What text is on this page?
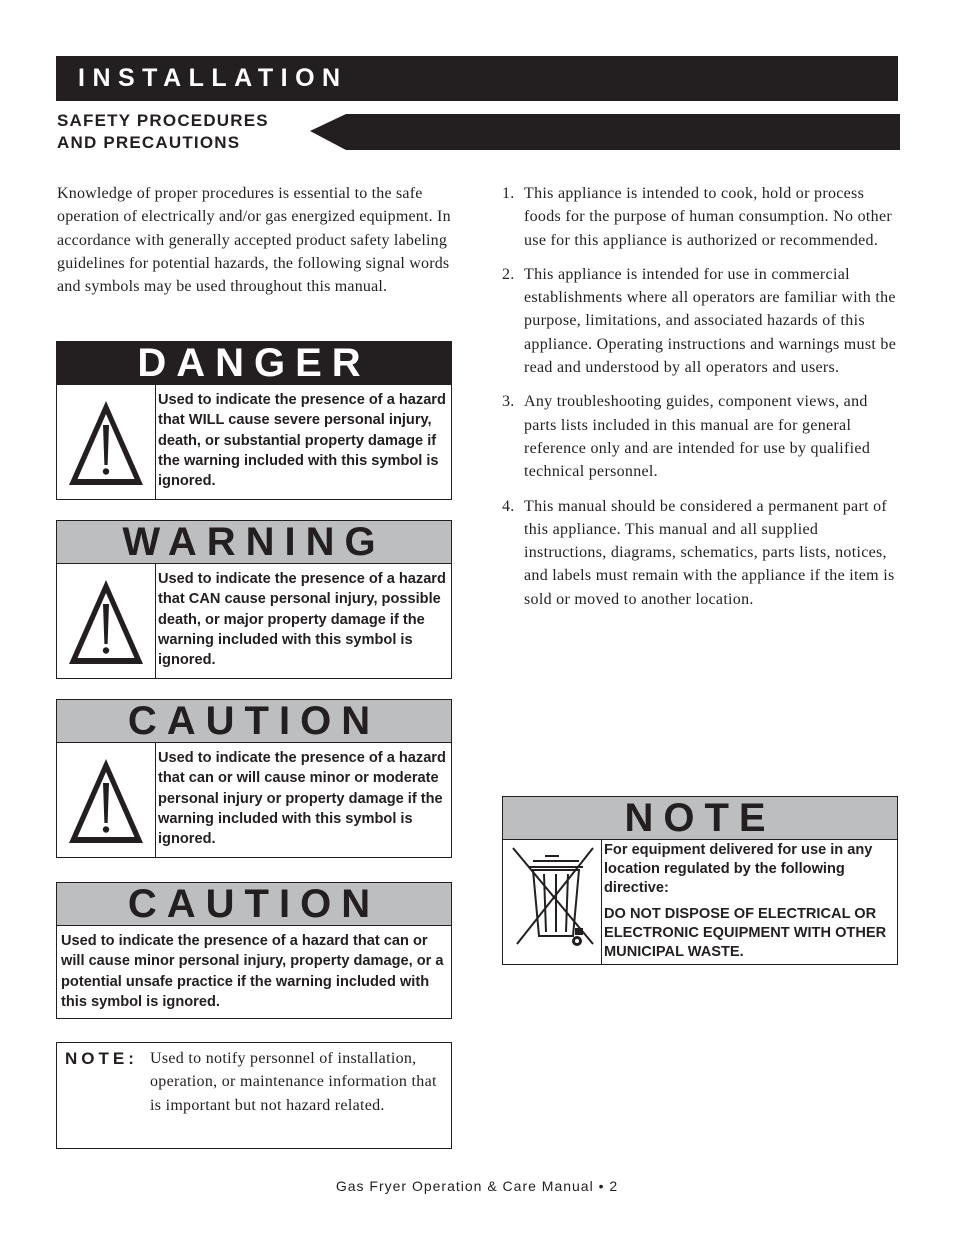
INSTALLATION
SAFETY PROCEDURES
AND PRECAUTIONS
Knowledge of proper procedures is essential to the safe operation of electrically and/or gas energized equipment. In accordance with generally accepted product safety labeling guidelines for potential hazards, the following signal words and symbols may be used throughout this manual.
DANGER
Used to indicate the presence of a hazard that WILL cause severe personal injury, death, or substantial property damage if the warning included with this symbol is ignored.
WARNING
Used to indicate the presence of a hazard that CAN cause personal injury, possible death, or major property damage if the warning included with this symbol is ignored.
CAUTION
Used to indicate the presence of a hazard that can or will cause minor or moderate personal injury or property damage if the warning included with this symbol is ignored.
CAUTION
Used to indicate the presence of a hazard that can or will cause minor personal injury, property damage, or a potential unsafe practice if the warning included with this symbol is ignored.
NOTE: Used to notify personnel of installation, operation, or maintenance information that is important but not hazard related.
1. This appliance is intended to cook, hold or process foods for the purpose of human consumption. No other use for this appliance is authorized or recommended.
2. This appliance is intended for use in commercial establishments where all operators are familiar with the purpose, limitations, and associated hazards of this appliance. Operating instructions and warnings must be read and understood by all operators and users.
3. Any troubleshooting guides, component views, and parts lists included in this manual are for general reference only and are intended for use by qualified technical personnel.
4. This manual should be considered a permanent part of this appliance. This manual and all supplied instructions, diagrams, schematics, parts lists, notices, and labels must remain with the appliance if the item is sold or moved to another location.
NOTE
For equipment delivered for use in any location regulated by the following directive:
DO NOT DISPOSE OF ELECTRICAL OR ELECTRONIC EQUIPMENT WITH OTHER MUNICIPAL WASTE.
Gas Fryer Operation & Care Manual • 2
